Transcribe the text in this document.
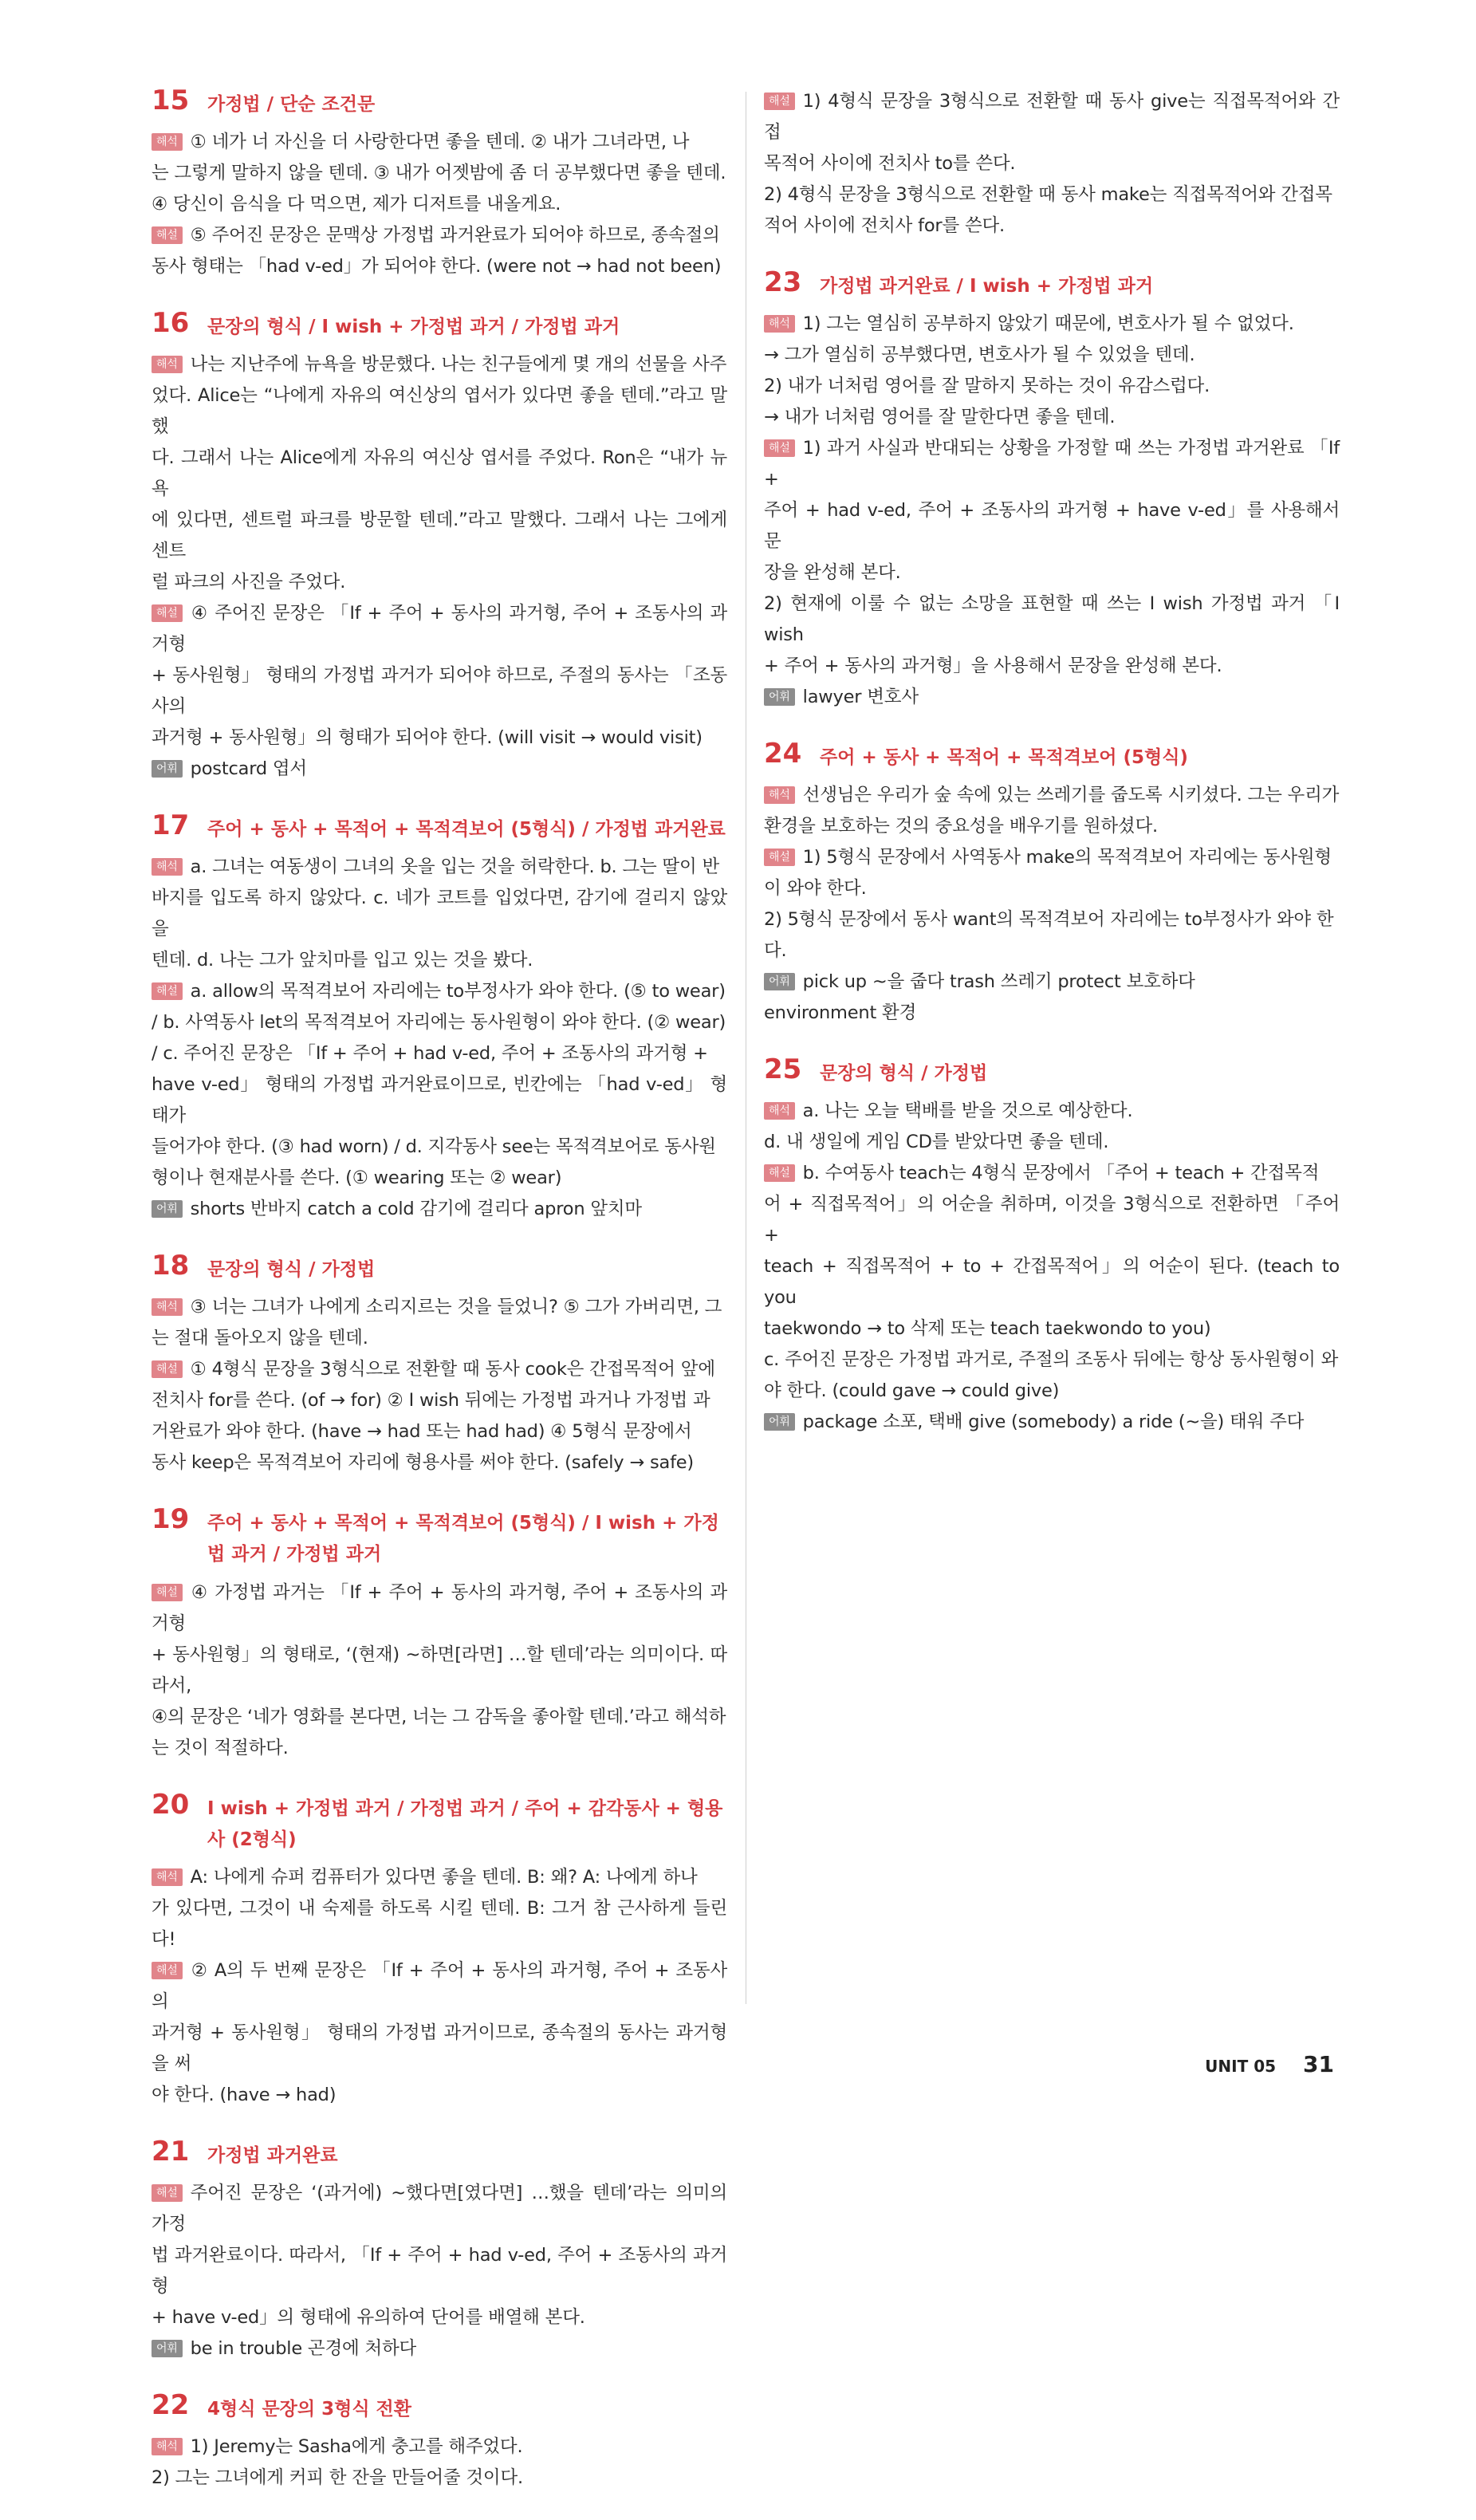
15 가정법 / 단순 조건문

해석 ① 네가 너 자신을 더 사랑한다면 좋을 텐데. ② 내가 그녀라면, 나

는 그렇게 말하지 않을 텐데. ③ 내가 어젯밤에 좀 더 공부했다면 좋을 텐데.

④ 당신이 음식을 다 먹으면, 제가 디저트를 내올게요.

해설 ⑤ 주어진 문장은 문맥상 가정법 과거완료가 되어야 하므로, 종속절의

동사 형태는 「had v-ed」가 되어야 한다. (were not → had not been)

16 문장의 형식 / I wish + 가정법 과거 / 가정법 과거

해석 나는 지난주에 뉴욕을 방문했다. 나는 친구들에게 몇 개의 선물을 사주

었다. Alice는 “나에게 자유의 여신상의 엽서가 있다면 좋을 텐데.”라고 말했

다. 그래서 나는 Alice에게 자유의 여신상 엽서를 주었다. Ron은 “내가 뉴욕

에 있다면, 센트럴 파크를 방문할 텐데.”라고 말했다. 그래서 나는 그에게 센트

럴 파크의 사진을 주었다.

해설 ④ 주어진 문장은 「If + 주어 + 동사의 과거형, 주어 + 조동사의 과거형

+ 동사원형」 형태의 가정법 과거가 되어야 하므로, 주절의 동사는 「조동사의

과거형 + 동사원형」의 형태가 되어야 한다. (will visit → would visit)

어휘 postcard 엽서

17 주어 + 동사 + 목적어 + 목적격보어 (5형식) / 가정법 과거완료

해석 a. 그녀는 여동생이 그녀의 옷을 입는 것을 허락한다. b. 그는 딸이 반

바지를 입도록 하지 않았다. c. 네가 코트를 입었다면, 감기에 걸리지 않았을

텐데. d. 나는 그가 앞치마를 입고 있는 것을 봤다.

해설 a. allow의 목적격보어 자리에는 to부정사가 와야 한다. (⑤ to wear)

/ b. 사역동사 let의 목적격보어 자리에는 동사원형이 와야 한다. (② wear)

/ c. 주어진 문장은 「If + 주어 + had v-ed, 주어 + 조동사의 과거형 +

have v-ed」 형태의 가정법 과거완료이므로, 빈칸에는 「had v-ed」 형태가

들어가야 한다. (③ had worn) / d. 지각동사 see는 목적격보어로 동사원

형이나 현재분사를 쓴다. (① wearing 또는 ② wear)

어휘 shorts 반바지 catch a cold 감기에 걸리다 apron 앞치마

18 문장의 형식 / 가정법

해석 ③ 너는 그녀가 나에게 소리지르는 것을 들었니? ⑤ 그가 가버리면, 그

는 절대 돌아오지 않을 텐데.

해설 ① 4형식 문장을 3형식으로 전환할 때 동사 cook은 간접목적어 앞에

전치사 for를 쓴다. (of → for) ② I wish 뒤에는 가정법 과거나 가정법 과

거완료가 와야 한다. (have → had 또는 had had) ④ 5형식 문장에서

동사 keep은 목적격보어 자리에 형용사를 써야 한다. (safely → safe)

19 주어 + 동사 + 목적어 + 목적격보어 (5형식) / I wish + 가정법 과거 / 가정법 과거

해설 ④ 가정법 과거는 「If + 주어 + 동사의 과거형, 주어 + 조동사의 과거형

+ 동사원형」의 형태로, ‘(현재) ~하면[라면] …할 텐데’라는 의미이다. 따라서,

④의 문장은 ‘네가 영화를 본다면, 너는 그 감독을 좋아할 텐데.’라고 해석하

는 것이 적절하다.

20 I wish + 가정법 과거 / 가정법 과거 / 주어 + 감각동사 + 형용사 (2형식)

해석 A: 나에게 슈퍼 컴퓨터가 있다면 좋을 텐데. B: 왜? A: 나에게 하나

가 있다면, 그것이 내 숙제를 하도록 시킬 텐데. B: 그거 참 근사하게 들린다!

해설 ② A의 두 번째 문장은 「If + 주어 + 동사의 과거형, 주어 + 조동사의

과거형 + 동사원형」 형태의 가정법 과거이므로, 종속절의 동사는 과거형을 써

야 한다. (have → had)

21 가정법 과거완료

해설 주어진 문장은 ‘(과거에) ~했다면[였다면] …했을 텐데’라는 의미의 가정

법 과거완료이다. 따라서, 「If + 주어 + had v-ed, 주어 + 조동사의 과거형

+ have v-ed」의 형태에 유의하여 단어를 배열해 본다.

어휘 be in trouble 곤경에 처하다

22 4형식 문장의 3형식 전환

해석 1) Jeremy는 Sasha에게 충고를 해주었다.

2) 그는 그녀에게 커피 한 잔을 만들어줄 것이다.

해설 1) 4형식 문장을 3형식으로 전환할 때 동사 give는 직접목적어와 간접

목적어 사이에 전치사 to를 쓴다.

2) 4형식 문장을 3형식으로 전환할 때 동사 make는 직접목적어와 간접목

적어 사이에 전치사 for를 쓴다.

23 가정법 과거완료 / I wish + 가정법 과거

해석 1) 그는 열심히 공부하지 않았기 때문에, 변호사가 될 수 없었다.

→ 그가 열심히 공부했다면, 변호사가 될 수 있었을 텐데.

2) 내가 너처럼 영어를 잘 말하지 못하는 것이 유감스럽다.

→ 내가 너처럼 영어를 잘 말한다면 좋을 텐데.

해설 1) 과거 사실과 반대되는 상황을 가정할 때 쓰는 가정법 과거완료 「If +

주어 + had v-ed, 주어 + 조동사의 과거형 + have v-ed」를 사용해서 문

장을 완성해 본다.

2) 현재에 이룰 수 없는 소망을 표현할 때 쓰는 I wish 가정법 과거 「I wish

+ 주어 + 동사의 과거형」을 사용해서 문장을 완성해 본다.

어휘 lawyer 변호사

24 주어 + 동사 + 목적어 + 목적격보어 (5형식)

해석 선생님은 우리가 숲 속에 있는 쓰레기를 줍도록 시키셨다. 그는 우리가

환경을 보호하는 것의 중요성을 배우기를 원하셨다.

해설 1) 5형식 문장에서 사역동사 make의 목적격보어 자리에는 동사원형

이 와야 한다.

2) 5형식 문장에서 동사 want의 목적격보어 자리에는 to부정사가 와야 한

다.

어휘 pick up ~을 줍다 trash 쓰레기 protect 보호하다

environment 환경

25 문장의 형식 / 가정법

해석 a. 나는 오늘 택배를 받을 것으로 예상한다.

d. 내 생일에 게임 CD를 받았다면 좋을 텐데.

해설 b. 수여동사 teach는 4형식 문장에서 「주어 + teach + 간접목적

어 + 직접목적어」의 어순을 취하며, 이것을 3형식으로 전환하면 「주어 +

teach + 직접목적어 + to + 간접목적어」의 어순이 된다. (teach to you

taekwondo → to 삭제 또는 teach taekwondo to you)

c. 주어진 문장은 가정법 과거로, 주절의 조동사 뒤에는 항상 동사원형이 와

야 한다. (could gave → could give)

어휘 package 소포, 택배 give (somebody) a ride (~을) 태워 주다

UNIT 05 31
